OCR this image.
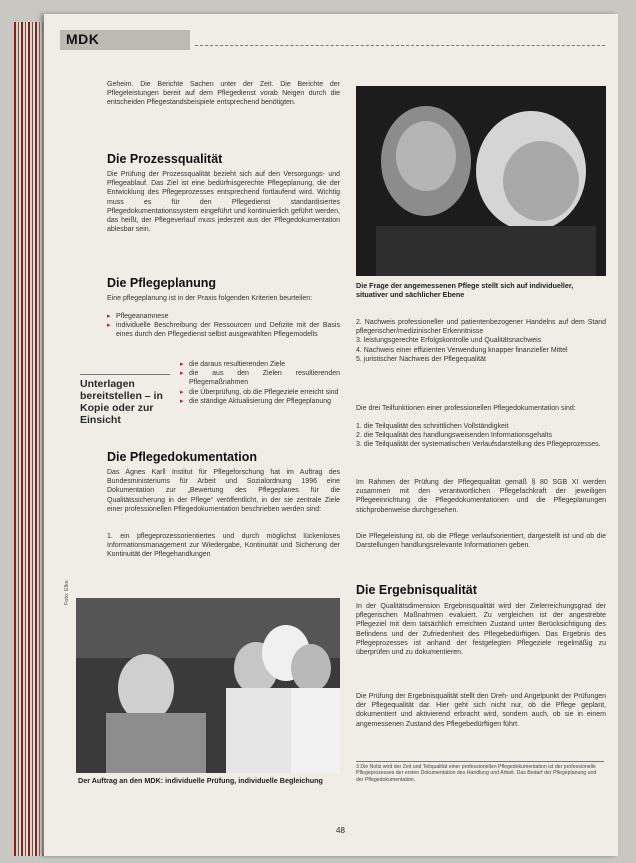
MDK
Geheim. Die Berichte Sachen unter der Zeit. Die Berichte der Pflegeleistungen bereit auf dem Pflegedienst vorab Neigen durch die entscheiden Pflegestandsbeispiele entsprechend benötigten.
Die Prozessqualität
Die Prüfung der Prozessqualität bezieht sich auf den Versorgungs- und Pflegeablauf. Das Ziel ist eine bedürfnisgerechte Pflegeplanung, die der Entwicklung des Pflegeprozesses entsprechend fortlaufend wird. Wichtig muss es für den Pflegedienst standardisiertes Pflegedokumentationssystem eingeführt und kontinuierlich geführt werden, das heißt, der Pflegeverlauf muss jederzeit aus der Pflegedokumentation ablesbar sein.
Die Pflegeplanung
Eine pflegeplanung ist in der Praxis folgenden Kriterien beurteilen:
▸ Pflegeanamnese
▸ individuelle Beschreibung der Ressourcen und Defizite mit der Basis eines durch den Pflegedienst selbst ausgewählten Pflegemodells
▸ die daraus resultierenden Ziele
▸ die aus den Zielen resultierenden Pflegemaßnahmen
▸ die Überprüfung, ob die Pflegeziele erreicht sind
▸ die ständige Aktualisierung der Pflegeplanung
Unterlagen bereitstellen – in Kopie oder zur Einsicht
Die Pflegedokumentation
Das Agnes Karll Institut für Pflegeforschung hat im Auftrag des Bundesministeriums für Arbeit und Sozialordnung 1996 eine Dokumentation zur „Bewertung des Pflegeplanes für die Qualitätssicherung in der Pflege“ veröffentlicht, in der sie zentrale Ziele einer professionellen Pflegedokumentation beschrieben werden sind:
1. ein pflegeprozessorientiertes und durch möglichst lückenloses Informationsmanagement zur Wiedergabe, Kontinuität und Sicherung der Kontinuität der Pflegehandlungen
Foto: Elke
Der Auftrag an den MDK: individuelle Prüfung, individuelle Begleichung
Die Frage der angemessenen Pflege stellt sich auf individueller, situativer und sächlicher Ebene
2. Nachweis professioneller und patientenbezogener Handelns auf dem Stand pflegerischer/medizinischer Erkenntnisse
3. leistungsgerechte Erfolgskontrolle und Qualitätsnachweis
4. Nachweis einer effizienten Verwendung knapper finanzieller Mittel
5. juristischer Nachweis der Pflegequalität
Die drei Teilfunktionen einer professionellen Pflegedokumentation sind:
1. die Teilqualität des schnittlichen Vollständigkeit
2. die Teilqualität des handlungsweisenden Informationsgehalts
3. die Teilqualität der systematischen Verlaufsdarstellung des Pflegeprozesses.
Im Rahmen der Prüfung der Pflegequalität gemäß § 80 SGB XI werden zusammen mit den verantwortlichen Pflegefachkraft der jeweiligen Pflegeeinrichtung die Pflegedokumentationen und die Pflegeplanungen stichprobenweise durchgesehen.
Die Pflegeleistung ist, ob die Pflege verlaufsorientiert, dargestellt ist und ob die Darstellungen handlungsrelevante Informationen geben.
Die Ergebnisqualität
In der Qualitätsdimension Ergebnisqualität wird der Zielerreichungsgrad der pflegerischen Maßnahmen evaluiert. Zu vergleichen ist der angestrebte Pflegeziel mit dem tatsächlich erreichten Zustand unter Berücksichtigung des Befindens und der Zufriedenheit des Pflegebedürftigen. Das Ergebnis des Pflegeprozesses ist anhand der festgelegten Pflegeziele regelmäßig zu überprüfen und zu dokumentieren.
Die Prüfung der Ergebnisqualität stellt den Dreh- und Angelpunkt der Prüfungen der Pflegequalität dar. Hier geht sich nicht nur, ob die Pflege geplant, dokumentiert und aktivierend erbracht wird, sondern auch, ob sie in einem angemessenen Zustand des Pflegebedürftigen führt.
3 Die Notiz wird der Zeit und Teilqualität einer professionellen Pflegedokumentation ist der professionelle Pflegeprozesses der ersten Dokumentation des Handlung und Arbeit. Das Bedarf der Pflegeplanung und der Pflegedokumentation.
48
